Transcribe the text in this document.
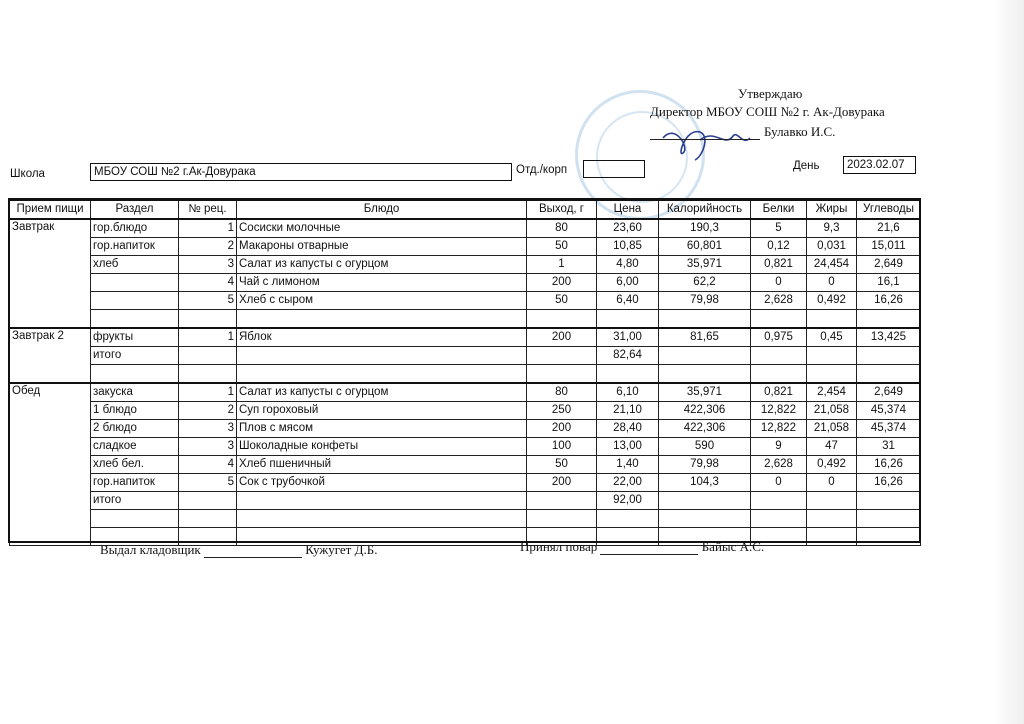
Утверждаю
Директор МБОУ СОШ №2 г. Ак-Довурака
Булавко И.С.
Школа	МБОУ СОШ №2 г.Ак-Довурака	Отд./корп	День	2023.02.07
Прием пищи	Раздел	№ рец.	Блюдо	Выход, г	Цена	Калорийность	Белки	Жиры	Углеводы
Завтрак	гор.блюдо	1	Сосиски молочные	80	23,60	190,3	5	9,3	21,6
	гор.напиток	2	Макароны отварные	50	10,85	60,801	0,12	0,031	15,011
	хлеб	3	Салат из капусты с огурцом	1	4,80	35,971	0,821	24,454	2,649
		4	Чай с лимоном	200	6,00	62,2	0	0	16,1
		5	Хлеб с сыром	50	6,40	79,98	2,628	0,492	16,26

Завтрак 2	фрукты	1	Яблок	200	31,00	81,65	0,975	0,45	13,425
	итого				82,64				

Обед	закуска	1	Салат из капусты с огурцом	80	6,10	35,971	0,821	2,454	2,649
	1 блюдо	2	Суп гороховый	250	21,10	422,306	12,822	21,058	45,374
	2 блюдо	3	Плов с мясом	200	28,40	422,306	12,822	21,058	45,374
	сладкое	3	Шоколадные конфеты	100	13,00	590	9	47	31
	хлеб бел.	4	Хлеб пшеничный	50	1,40	79,98	2,628	0,492	16,26
	гор.напиток	5	Сок с трубочкой	200	22,00	104,3	0	0	16,26
	итого				92,00				

Выдал кладовщик	Кужугет Д.Б.	Принял повар	Байыс А.С.
